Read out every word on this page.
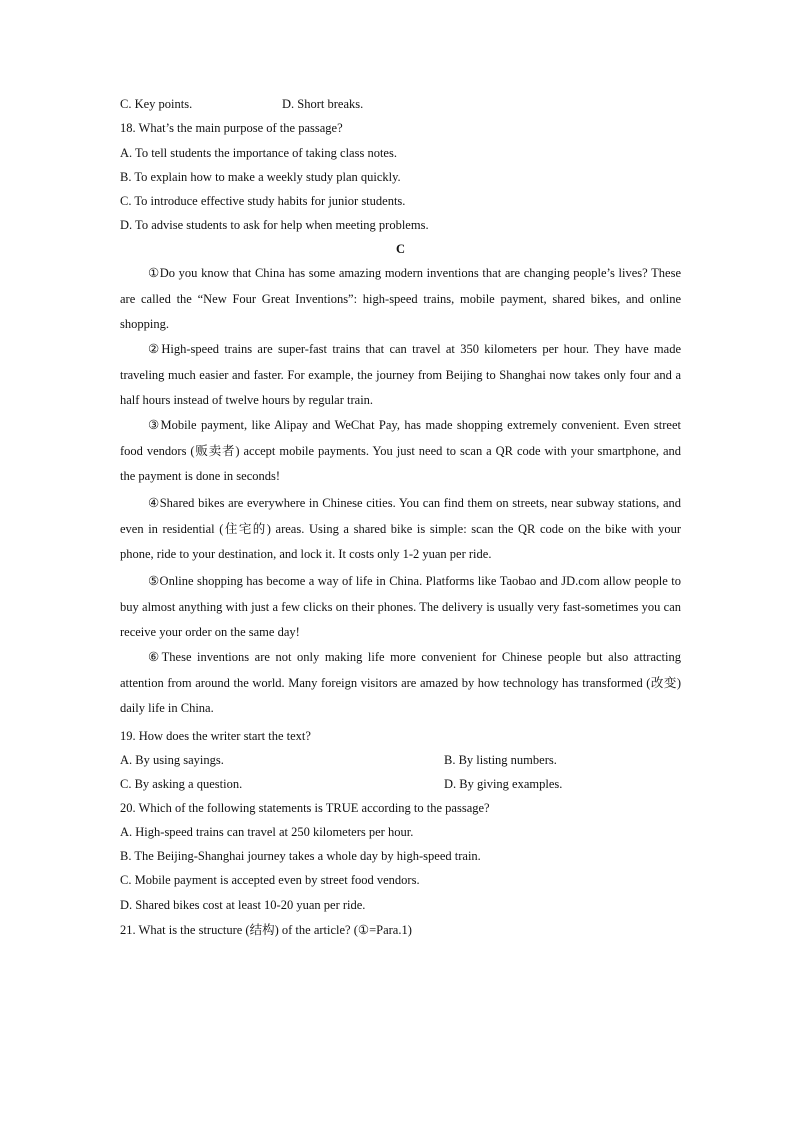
C. Key points.	D. Short breaks.
18. What’s the main purpose of the passage?
A. To tell students the importance of taking class notes.
B. To explain how to make a weekly study plan quickly.
C. To introduce effective study habits for junior students.
D. To advise students to ask for help when meeting problems.
C
①Do you know that China has some amazing modern inventions that are changing people’s lives? These are called the “New Four Great Inventions”: high-speed trains, mobile payment, shared bikes, and online shopping.
②High-speed trains are super-fast trains that can travel at 350 kilometers per hour. They have made traveling much easier and faster. For example, the journey from Beijing to Shanghai now takes only four and a half hours instead of twelve hours by regular train.
③Mobile payment, like Alipay and WeChat Pay, has made shopping extremely convenient. Even street food vendors (贩卖者) accept mobile payments. You just need to scan a QR code with your smartphone, and the payment is done in seconds!
④Shared bikes are everywhere in Chinese cities. You can find them on streets, near subway stations, and even in residential (住宅的) areas. Using a shared bike is simple: scan the QR code on the bike with your phone, ride to your destination, and lock it. It costs only 1-2 yuan per ride.
⑤Online shopping has become a way of life in China. Platforms like Taobao and JD.com allow people to buy almost anything with just a few clicks on their phones. The delivery is usually very fast-sometimes you can receive your order on the same day!
⑥These inventions are not only making life more convenient for Chinese people but also attracting attention from around the world. Many foreign visitors are amazed by how technology has transformed (改变) daily life in China.
19. How does the writer start the text?
A. By using sayings.	B. By listing numbers.
C. By asking a question.	D. By giving examples.
20. Which of the following statements is TRUE according to the passage?
A. High-speed trains can travel at 250 kilometers per hour.
B. The Beijing-Shanghai journey takes a whole day by high-speed train.
C. Mobile payment is accepted even by street food vendors.
D. Shared bikes cost at least 10-20 yuan per ride.
21. What is the structure (结构) of the article? (①=Para.1)
